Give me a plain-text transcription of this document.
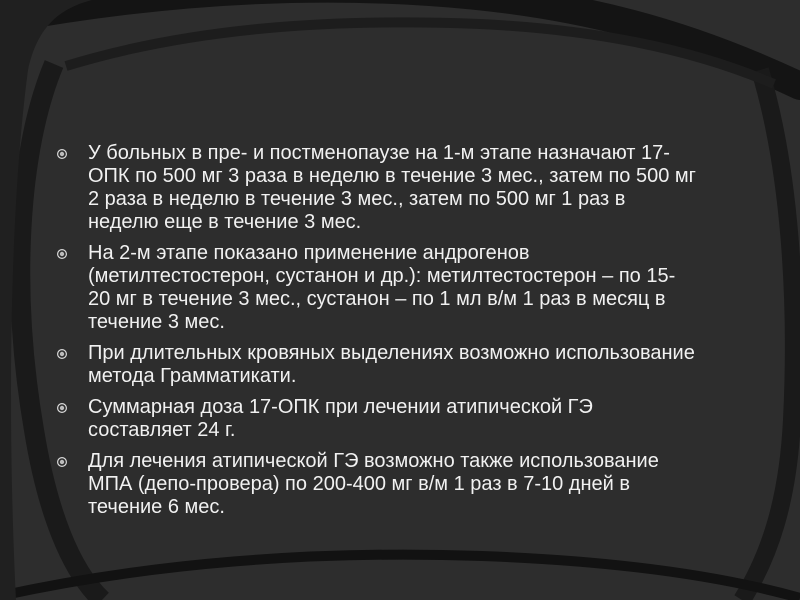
У больных в пре- и постменопаузе на 1-м этапе назначают 17-ОПК по 500 мг 3 раза в неделю в течение 3 мес., затем по 500 мг 2 раза в неделю в течение 3 мес., затем по 500 мг 1 раз в неделю еще в течение 3 мес.
На 2-м этапе показано применение андрогенов (метилтестостерон, сустанон и др.): метилтестостерон – по 15-20 мг в течение 3 мес., сустанон – по 1 мл в/м 1 раз в месяц в течение 3 мес.
При длительных кровяных выделениях возможно использование метода Грамматикати.
Суммарная доза 17-ОПК при лечении атипической ГЭ составляет 24 г.
Для лечения атипической ГЭ возможно также использование МПА (депо-провера) по 200-400 мг в/м 1 раз в 7-10 дней в течение 6 мес.
